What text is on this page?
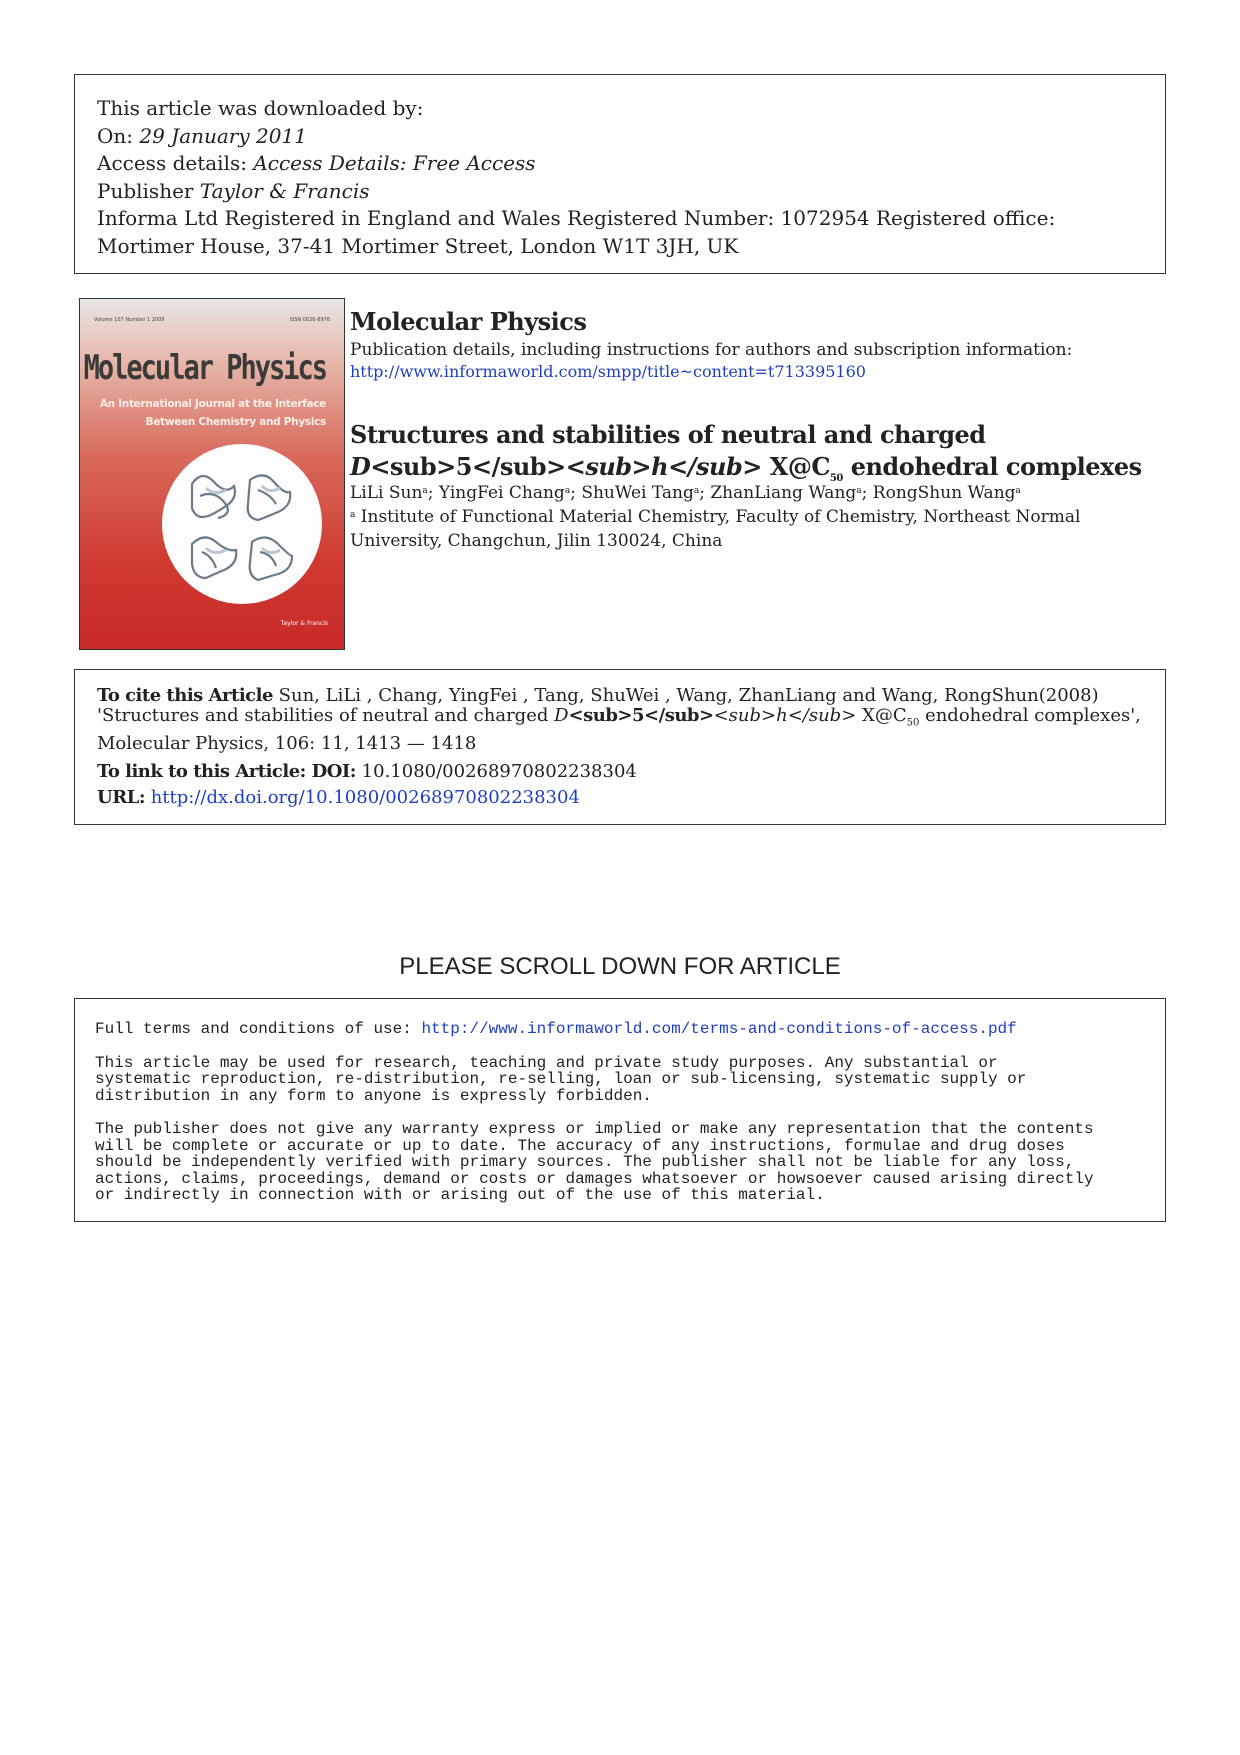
This article was downloaded by:
On: 29 January 2011
Access details: Access Details: Free Access
Publisher Taylor & Francis
Informa Ltd Registered in England and Wales Registered Number: 1072954 Registered office: Mortimer House, 37-41 Mortimer Street, London W1T 3JH, UK
Volume 107 Number 1 2009	ISSN 0026-8976
Molecular Physics
An International Journal at the Interface Between Chemistry and Physics
Taylor & Francis
Molecular Physics
Publication details, including instructions for authors and subscription information:
http://www.informaworld.com/smpp/title~content=t713395160
Structures and stabilities of neutral and charged
$D<sub>5</sub><sub>h</sub> X@C_{50}$ endohedral complexes
LiLi Sun$^a$; YingFei Chang$^a$; ShuWei Tang$^a$; ZhanLiang Wang$^a$; RongShun Wang$^a$
$^a$ Institute of Functional Material Chemistry, Faculty of Chemistry, Northeast Normal University, Changchun, Jilin 130024, China
To cite this Article Sun, LiLi , Chang, YingFei , Tang, ShuWei , Wang, ZhanLiang and Wang, RongShun(2008) 'Structures and stabilities of neutral and charged $D<sub>5</sub><sub>h</sub> X@C_{50}$ endohedral complexes', Molecular Physics, 106: 11, 1413 — 1418
To link to this Article: DOI: 10.1080/00268970802238304
URL: http://dx.doi.org/10.1080/00268970802238304
PLEASE SCROLL DOWN FOR ARTICLE

Full terms and conditions of use: http://www.informaworld.com/terms-and-conditions-of-access.pdf

This article may be used for research, teaching and private study purposes. Any substantial or
systematic reproduction, re-distribution, re-selling, loan or sub-licensing, systematic supply or
distribution in any form to anyone is expressly forbidden.

The publisher does not give any warranty express or implied or make any representation that the contents
will be complete or accurate or up to date. The accuracy of any instructions, formulae and drug doses
should be independently verified with primary sources. The publisher shall not be liable for any loss,
actions, claims, proceedings, demand or costs or damages whatsoever or howsoever caused arising directly
or indirectly in connection with or arising out of the use of this material.
